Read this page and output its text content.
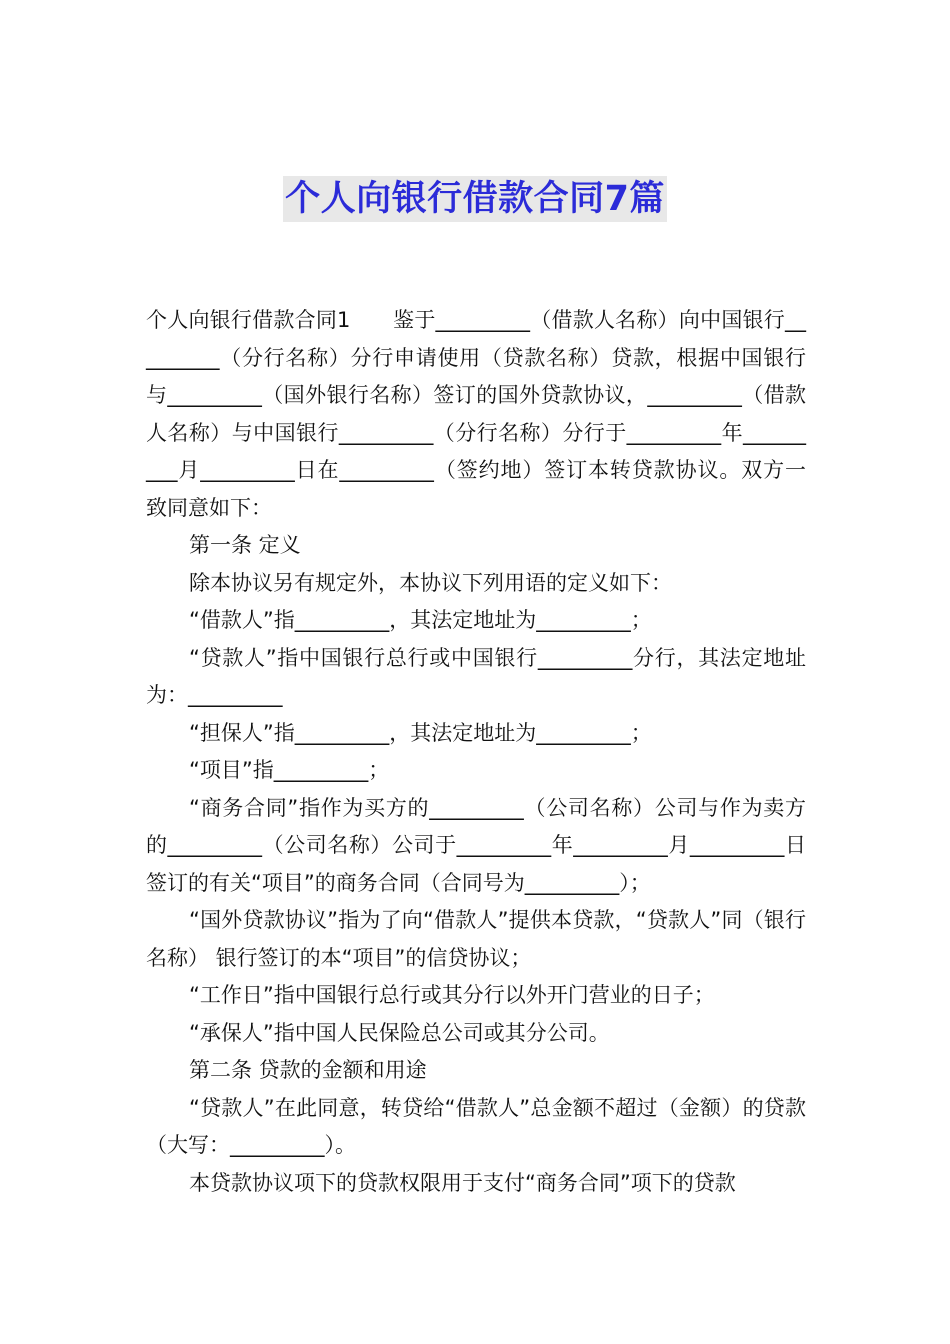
个人向银行借款合同7篇

个人向银行借款合同1　　鉴于_________（借款人名称）向中国银行_________（分行名称）分行申请使用（贷款名称）贷款，根据中国银行与_________（国外银行名称）签订的国外贷款协议，_________（借款人名称）与中国银行_________（分行名称）分行于_________年_________月_________日在_________（签约地）签订本转贷款协议。双方一致同意如下：

第一条 定义

除本协议另有规定外，本协议下列用语的定义如下：

“借款人”指_________，其法定地址为_________；

“贷款人”指中国银行总行或中国银行_________分行，其法定地址为：_________

“担保人”指_________，其法定地址为_________；

“项目”指_________；

“商务合同”指作为买方的_________（公司名称）公司与作为卖方的_________（公司名称）公司于_________年_________月_________日签订的有关“项目”的商务合同（合同号为_________）；

“国外贷款协议”指为了向“借款人”提供本贷款，“贷款人”同（银行名称） 银行签订的本“项目”的信贷协议；

“工作日”指中国银行总行或其分行以外开门营业的日子；

“承保人”指中国人民保险总公司或其分公司。

第二条 贷款的金额和用途

“贷款人”在此同意，转贷给“借款人”总金额不超过（金额）的贷款（大写：_________）。

本贷款协议项下的贷款权限用于支付“商务合同”项下的贷款
